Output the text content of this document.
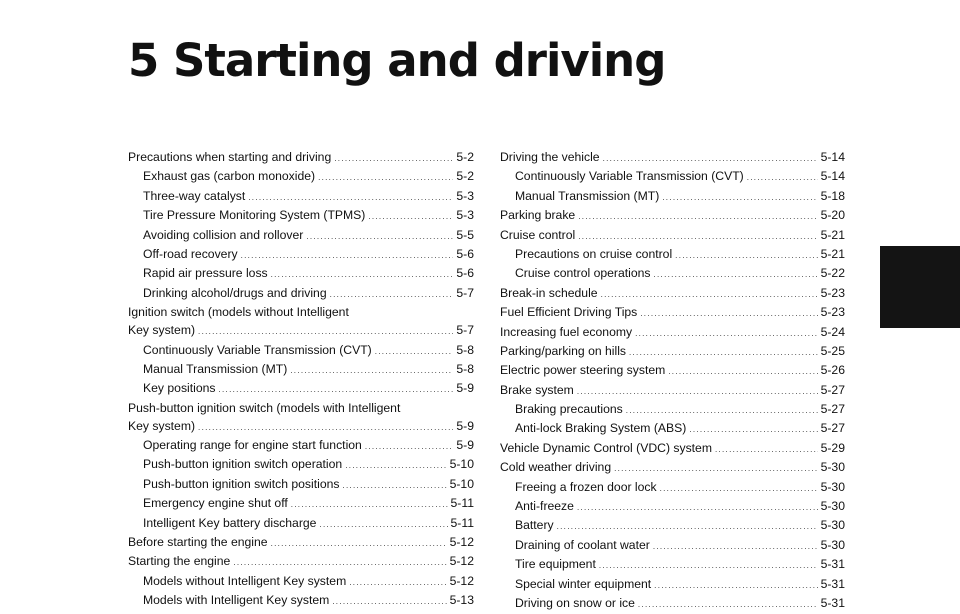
5 Starting and driving
Precautions when starting and driving .....	5-2
Exhaust gas (carbon monoxide) .....	5-2
Three-way catalyst .....	5-3
Tire Pressure Monitoring System (TPMS) .....	5-3
Avoiding collision and rollover .....	5-5
Off-road recovery .....	5-6
Rapid air pressure loss .....	5-6
Drinking alcohol/drugs and driving .....	5-7
Ignition switch (models without Intelligent
Key system) .....	5-7
Continuously Variable Transmission (CVT) .....	5-8
Manual Transmission (MT) .....	5-8
Key positions .....	5-9
Push-button ignition switch (models with Intelligent
Key system) .....	5-9
Operating range for engine start function .....	5-9
Push-button ignition switch operation .....	5-10
Push-button ignition switch positions .....	5-10
Emergency engine shut off .....	5-11
Intelligent Key battery discharge .....	5-11
Before starting the engine .....	5-12
Starting the engine .....	5-12
Models without Intelligent Key system .....	5-12
Models with Intelligent Key system .....	5-13
Driving the vehicle .....	5-14
Continuously Variable Transmission (CVT) .....	5-14
Manual Transmission (MT) .....	5-18
Parking brake .....	5-20
Cruise control .....	5-21
Precautions on cruise control .....	5-21
Cruise control operations .....	5-22
Break-in schedule .....	5-23
Fuel Efficient Driving Tips .....	5-23
Increasing fuel economy .....	5-24
Parking/parking on hills .....	5-25
Electric power steering system .....	5-26
Brake system .....	5-27
Braking precautions .....	5-27
Anti-lock Braking System (ABS) .....	5-27
Vehicle Dynamic Control (VDC) system .....	5-29
Cold weather driving .....	5-30
Freeing a frozen door lock .....	5-30
Anti-freeze .....	5-30
Battery .....	5-30
Draining of coolant water .....	5-30
Tire equipment .....	5-31
Special winter equipment .....	5-31
Driving on snow or ice .....	5-31
